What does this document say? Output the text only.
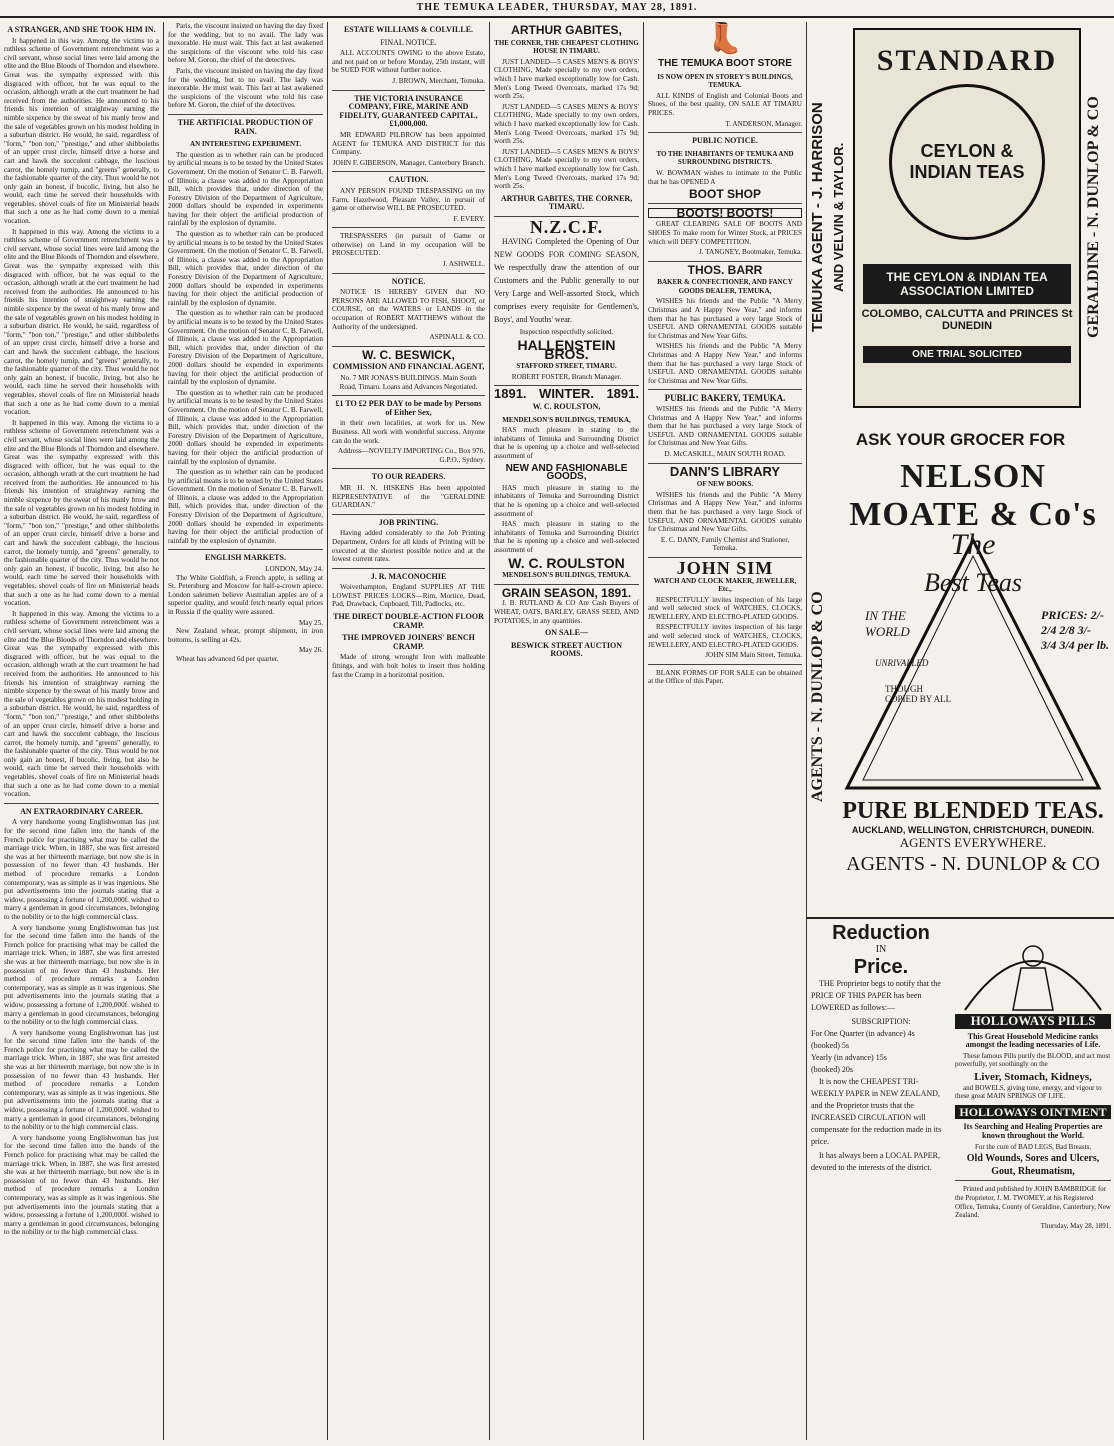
THE TEMUKA LEADER, THURSDAY, MAY 28, 1891.
A STRANGER, AND SHE TOOK HIM IN.

It happened in this way. Among the victims to a ruthless scheme of Government retrenchment was a civil servant, whose social lines were laid among the elite and the Blue Bloods of Thorndon and elsewhere. Great was the sympathy expressed with this disgraced with officer, but he was equal to the occasion, although wrath at the curt treatment he had received from the authorities. He announced to his friends his intention of straightway earning the nimble sixpence by the sweat of his manly brow and the sale of vegetables grown on his modest holding in a suburban district. He would, he said, regardless of "form," "bon ton," "prestige," and other shibboleths of an upper crust circle, himself drive a horse and cart and hawk the succulent cabbage, the luscious carrot, the homely turnip, and "greens" generally, to the fashionable quarter of the city. Thus would he not only gain an honest, if bucolic, living, but also he would, each time he served their households with vegetables, shovel coals of fire on Ministerial heads that such a one as he had come down to a menial vocation.

It happened in this way. Among the victims to a ruthless scheme of Government retrenchment was a civil servant, whose social lines were laid among the elite and the Blue Bloods of Thorndon and elsewhere. Great was the sympathy expressed with this disgraced with officer, but he was equal to the occasion, although wrath at the curt treatment he had received from the authorities. He announced to his friends his intention of straightway earning the nimble sixpence by the sweat of his manly brow and the sale of vegetables grown on his modest holding in a suburban district. He would, he said, regardless of "form," "bon ton," "prestige," and other shibboleths of an upper crust circle, himself drive a horse and cart and hawk the succulent cabbage, the luscious carrot, the homely turnip, and "greens" generally, to the fashionable quarter of the city. Thus would he not only gain an honest, if bucolic, living, but also he would, each time he served their households with vegetables, shovel coals of fire on Ministerial heads that such a one as he had come down to a menial vocation.

It happened in this way. Among the victims to a ruthless scheme of Government retrenchment was a civil servant, whose social lines were laid among the elite and the Blue Bloods of Thorndon and elsewhere. Great was the sympathy expressed with this disgraced with officer, but he was equal to the occasion, although wrath at the curt treatment he had received from the authorities. He announced to his friends his intention of straightway earning the nimble sixpence by the sweat of his manly brow and the sale of vegetables grown on his modest holding in a suburban district. He would, he said, regardless of "form," "bon ton," "prestige," and other shibboleths of an upper crust circle, himself drive a horse and cart and hawk the succulent cabbage, the luscious carrot, the homely turnip, and "greens" generally, to the fashionable quarter of the city. Thus would he not only gain an honest, if bucolic, living, but also he would, each time he served their households with vegetables, shovel coals of fire on Ministerial heads that such a one as he had come down to a menial vocation.

It happened in this way. Among the victims to a ruthless scheme of Government retrenchment was a civil servant, whose social lines were laid among the elite and the Blue Bloods of Thorndon and elsewhere. Great was the sympathy expressed with this disgraced with officer, but he was equal to the occasion, although wrath at the curt treatment he had received from the authorities. He announced to his friends his intention of straightway earning the nimble sixpence by the sweat of his manly brow and the sale of vegetables grown on his modest holding in a suburban district. He would, he said, regardless of "form," "bon ton," "prestige," and other shibboleths of an upper crust circle, himself drive a horse and cart and hawk the succulent cabbage, the luscious carrot, the homely turnip, and "greens" generally, to the fashionable quarter of the city. Thus would he not only gain an honest, if bucolic, living, but also he would, each time he served their households with vegetables, shovel coals of fire on Ministerial heads that such a one as he had come down to a menial vocation.

AN EXTRAORDINARY CAREER.

A very handsome young Englishwoman has just for the second time fallen into the hands of the French police for practising what may be called the marriage trick. When, in 1887, she was first arrested she was at her thirteenth marriage, but now she is in possession of no fewer than 43 husbands. Her method of procedure remarks a London contemporary, was as simple as it was ingenious. She put advertisements into the journals stating that a widow, possessing a fortune of 1,200,000f. wished to marry a gentleman in good circumstances, belonging to the nobility or to the high commercial class.

A very handsome young Englishwoman has just for the second time fallen into the hands of the French police for practising what may be called the marriage trick. When, in 1887, she was first arrested she was at her thirteenth marriage, but now she is in possession of no fewer than 43 husbands. Her method of procedure remarks a London contemporary, was as simple as it was ingenious. She put advertisements into the journals stating that a widow, possessing a fortune of 1,200,000f. wished to marry a gentleman in good circumstances, belonging to the nobility or to the high commercial class.

A very handsome young Englishwoman has just for the second time fallen into the hands of the French police for practising what may be called the marriage trick. When, in 1887, she was first arrested she was at her thirteenth marriage, but now she is in possession of no fewer than 43 husbands. Her method of procedure remarks a London contemporary, was as simple as it was ingenious. She put advertisements into the journals stating that a widow, possessing a fortune of 1,200,000f. wished to marry a gentleman in good circumstances, belonging to the nobility or to the high commercial class.

A very handsome young Englishwoman has just for the second time fallen into the hands of the French police for practising what may be called the marriage trick. When, in 1887, she was first arrested she was at her thirteenth marriage, but now she is in possession of no fewer than 43 husbands. Her method of procedure remarks a London contemporary, was as simple as it was ingenious. She put advertisements into the journals stating that a widow, possessing a fortune of 1,200,000f. wished to marry a gentleman in good circumstances, belonging to the nobility or to the high commercial class.

Paris, the viscount insisted on having the day fixed for the wedding, but to no avail. The lady was inexorable. He must wait. This fact at last awakened the suspicions of the viscount who told his case before M. Goron, the chief of the detectives.

Paris, the viscount insisted on having the day fixed for the wedding, but to no avail. The lady was inexorable. He must wait. This fact at last awakened the suspicions of the viscount who told his case before M. Goron, the chief of the detectives.

THE ARTIFICIAL PRODUCTION OF RAIN.
AN INTERESTING EXPERIMENT.

The question as to whether rain can be produced by artificial means is to be tested by the United States Government. On the motion of Senator C. B. Farwell, of Illinois, a clause was added to the Appropriation Bill, which provides that, under direction of the Forestry Division of the Department of Agriculture, 2000 dollars should be expended in experiments having for their object the artificial production of rainfall by the explosion of dynamite.

The question as to whether rain can be produced by artificial means is to be tested by the United States Government. On the motion of Senator C. B. Farwell, of Illinois, a clause was added to the Appropriation Bill, which provides that, under direction of the Forestry Division of the Department of Agriculture, 2000 dollars should be expended in experiments having for their object the artificial production of rainfall by the explosion of dynamite.

The question as to whether rain can be produced by artificial means is to be tested by the United States Government. On the motion of Senator C. B. Farwell, of Illinois, a clause was added to the Appropriation Bill, which provides that, under direction of the Forestry Division of the Department of Agriculture, 2000 dollars should be expended in experiments having for their object the artificial production of rainfall by the explosion of dynamite.

The question as to whether rain can be produced by artificial means is to be tested by the United States Government. On the motion of Senator C. B. Farwell, of Illinois, a clause was added to the Appropriation Bill, which provides that, under direction of the Forestry Division of the Department of Agriculture, 2000 dollars should be expended in experiments having for their object the artificial production of rainfall by the explosion of dynamite.

The question as to whether rain can be produced by artificial means is to be tested by the United States Government. On the motion of Senator C. B. Farwell, of Illinois, a clause was added to the Appropriation Bill, which provides that, under direction of the Forestry Division of the Department of Agriculture, 2000 dollars should be expended in experiments having for their object the artificial production of rainfall by the explosion of dynamite.

ENGLISH MARKETS.
LONDON, May 24.

The White Goldfish, a French apple, is selling at St. Petersburg and Moscow for half-a-crown apiece. London salesmen believe Australian apples are of a superior quality, and would fetch nearly equal prices in Russia if the quality were assured.

May 25.

New Zealand wheat, prompt shipment, in iron bottoms, is selling at 42s.

May 26.

Wheat has advanced 6d per quarter.

ESTATE WILLIAMS & COLVILLE.
FINAL NOTICE.

ALL ACCOUNTS OWING to the above Estate, and not paid on or before Monday, 25th instant, will be SUED FOR without further notice.

J. BROWN, Merchant, Temuka.
THE VICTORIA INSURANCE COMPANY, FIRE, MARINE AND FIDELITY, GUARANTEED CAPITAL, £1,000,000.

MR EDWARD PILBROW has been appointed AGENT for TEMUKA AND DISTRICT for this Company.

JOHN F. GIBERSON, Manager, Canterbury Branch.
CAUTION.

ANY PERSON FOUND TRESPASSING on my Farm, Hazelwood, Pleasant Valley, in pursuit of game or otherwise WILL BE PROSECUTED.

F. EVERY.

TRESPASSERS (in pursuit of Game or otherwise) on Land in my occupation will be PROSECUTED.

J. ASHWELL.
NOTICE.

NOTICE IS HEREBY GIVEN that NO PERSONS ARE ALLOWED TO FISH, SHOOT, or COURSE, on the WATERS or LANDS in the occupation of ROBERT MATTHEWS without the Authority of the undersigned.

ASPINALL & CO.
W. C. BESWICK,
COMMISSION AND FINANCIAL AGENT,

No. 7 MR JONAS'S BUILDINGS. Main South Road, Timaru. Loans and Advances Negotiated.

£1 TO £2 PER DAY to be made by Persons of Either Sex,

in their own localities, at work for us. New Business. All work with wonderful success. Anyone can do the work.

Address—NOVELTY IMPORTING Co., Box 976, G.P.O., Sydney.
TO OUR READERS.

MR H. N. HISKENS Has been appointed REPRESENTATIVE of the "GERALDINE GUARDIAN."

JOB PRINTING.

Having added considerably to the Job Printing Department, Orders for all kinds of Printing will be executed at the shortest possible notice and at the lowest current rates.

J. R. MACONOCHIE

Woivethampton, England SUPPLIES AT THE LOWEST PRICES LOCKS—Rim, Mortice, Dead, Pad, Drawback, Cupboard, Till, Padlocks, etc.

THE DIRECT DOUBLE-ACTION FLOOR CRAMP.
THE IMPROVED JOINERS' BENCH CRAMP.

Made of strong wrought Iron with malleable fittings, and with bolt holes to insert thus holding fast the Cramp in a horizontal position.

ARTHUR GABITES,
THE CORNER, THE CHEAPEST CLOTHING HOUSE IN TIMARU.

JUST LANDED—5 CASES MEN'S & BOYS' CLOTHING, Made specially to my own orders, which I have marked exceptionally low for Cash. Men's Long Tweed Overcoats, marked 17s 9d; worth 25s.

JUST LANDED—5 CASES MEN'S & BOYS' CLOTHING, Made specially to my own orders, which I have marked exceptionally low for Cash. Men's Long Tweed Overcoats, marked 17s 9d; worth 25s.

JUST LANDED—5 CASES MEN'S & BOYS' CLOTHING, Made specially to my own orders, which I have marked exceptionally low for Cash. Men's Long Tweed Overcoats, marked 17s 9d; worth 25s.

ARTHUR GABITES, THE CORNER, TIMARU.
N.Z.C.F.

HAVING Completed the Opening of Our NEW GOODS FOR COMING SEASON, We respectfully draw the attention of our Customers and the Public generally to our Very Large and Well-assorted Stock, which comprises every requisite for Gentlemen's, Boys', and Youths' wear.

Inspection respectfully solicited.

HALLENSTEIN BROS.
STAFFORD STREET, TIMARU.
ROBERT FOSTER, Branch Manager.
1891. WINTER. 1891.
W. C. ROULSTON,
MENDELSON'S BUILDINGS, TEMUKA,

HAS much pleasure in stating to the inhabitants of Temuka and Surrounding District that he is opening up a choice and well-selected assortment of

NEW AND FASHIONABLE GOODS,

HAS much pleasure in stating to the inhabitants of Temuka and Surrounding District that he is opening up a choice and well-selected assortment of

HAS much pleasure in stating to the inhabitants of Temuka and Surrounding District that he is opening up a choice and well-selected assortment of

W. C. ROULSTON
MENDELSON'S BUILDINGS, TEMUKA.
GRAIN SEASON, 1891.

J. B. RUTLAND & CO Are Cash Buyers of WHEAT, OATS, BARLEY, GRASS SEED, AND POTATOES, in any quantities.

ON SALE—
BESWICK STREET AUCTION ROOMS.
👢
THE TEMUKA BOOT STORE
IS NOW OPEN IN STOREY'S BUILDINGS, TEMUKA.

ALL KINDS of English and Colonial Boots and Shoes, of the best quality, ON SALE AT TIMARU PRICES.

T. ANDERSON, Manager.
PUBLIC NOTICE.
TO THE INHABITANTS OF TEMUKA AND SURROUNDING DISTRICTS.

W. BOWMAN wishes to intimate to the Public that he has OPENED A

BOOT SHOP
BOOTS! BOOTS!

GREAT CLEARING SALE OF BOOTS AND SHOES To make room for Winter Stock, at PRICES which will DEFY COMPETITION.

J. TANGNEY, Bootmaker, Temuka.
THOS. BARR
BAKER & CONFECTIONER, AND FANCY GOODS DEALER, TEMUKA,

WISHES his friends and the Public "A Merry Christmas and A Happy New Year," and informs them that he has purchased a very large Stock of USEFUL AND ORNAMENTAL GOODS suitable for Christmas and New Year Gifts.

WISHES his friends and the Public "A Merry Christmas and A Happy New Year," and informs them that he has purchased a very large Stock of USEFUL AND ORNAMENTAL GOODS suitable for Christmas and New Year Gifts.

PUBLIC BAKERY, TEMUKA.

WISHES his friends and the Public "A Merry Christmas and A Happy New Year," and informs them that he has purchased a very large Stock of USEFUL AND ORNAMENTAL GOODS suitable for Christmas and New Year Gifts.

D. McCASKILL, MAIN SOUTH ROAD.
DANN'S LIBRARY
OF NEW BOOKS.

WISHES his friends and the Public "A Merry Christmas and A Happy New Year," and informs them that he has purchased a very large Stock of USEFUL AND ORNAMENTAL GOODS suitable for Christmas and New Year Gifts.

E. C. DANN, Family Chemist and Stationer, Temuka.
JOHN SIM
WATCH AND CLOCK MAKER, JEWELLER, Etc.,

RESPECTFULLY invites inspection of his large and well selected stock of WATCHES, CLOCKS, JEWELLERY, AND ELECTRO-PLATED GOODS.

RESPECTFULLY invites inspection of his large and well selected stock of WATCHES, CLOCKS, JEWELLERY, AND ELECTRO-PLATED GOODS.

JOHN SIM Main Street, Temuka.

BLANK FORMS OF FOR SALE can be obtained at the Office of this Paper.

TEMUKA AGENT - J. HARRISON AND VELVIN & TAYLOR.	GERALDINE - N. DUNLOP & CO
STANDARD
CEYLON & INDIAN TEAS
THE CEYLON & INDIAN TEA ASSOCIATION LIMITED
COLOMBO, CALCUTTA and PRINCES St DUNEDIN
ONE TRIAL SOLICITED
ASK YOUR GROCER FOR
AGENTS - N. DUNLOP & CO
NELSON MOATE & Co's
The
Best Teas
IN THE WORLD
UNRIVALLED
THOUGH COPIED BY ALL
PRICES: 2/- 2/4 2/8 3/- 3/4 3/4 per lb.
PURE BLENDED TEAS.
AUCKLAND, WELLINGTON, CHRISTCHURCH, DUNEDIN.
AGENTS EVERYWHERE.
AGENTS - N. DUNLOP & CO
Reduction
IN
Price.

THE Proprietor begs to notify that the PRICE OF THIS PAPER has been LOWERED as follows:—

SUBSCRIPTION:
For One Quarter (in advance) 4s
(booked) 5s
Yearly (in advance) 15s
(booked) 20s

It is now the CHEAPEST TRI-WEEKLY PAPER in NEW ZEALAND, and the Proprietor trusts that the INCREASED CIRCULATION will compensate for the reduction made in its price.

It has always been a LOCAL PAPER, devoted to the interests of the district.

HOLLOWAYS PILLS
This Great Household Medicine ranks amongst the leading necessaries of Life.

These famous Pills purify the BLOOD, and act most powerfully, yet soothingly on the

Liver, Stomach, Kidneys,

and BOWELS, giving tone, energy, and vigour to these great MAIN SPRINGS OF LIFE.

HOLLOWAYS OINTMENT
Its Searching and Healing Properties are known throughout the World.

For the cure of BAD LEGS, Bad Breasts,

Old Wounds, Sores and Ulcers,
Gout, Rheumatism,

Printed and published by JOHN BAMBRIDGE for the Proprietor, J. M. TWOMEY, at his Registered Office, Temuka, County of Geraldine, Canterbury, New Zealand.

Thursday, May 28, 1891.
